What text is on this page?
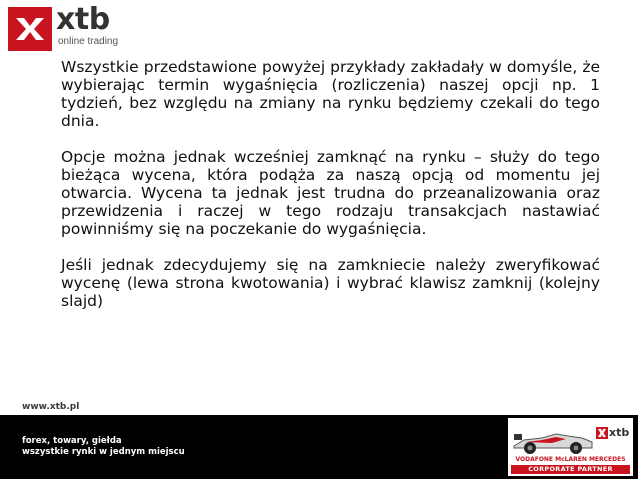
xtb
online trading

Wszystkie przedstawione powyżej przykłady zakładały w domyśle, że wybierając termin wygaśnięcia (rozliczenia) naszej opcji np. 1 tydzień, bez względu na zmiany na rynku będziemy czekali do tego dnia.

Opcje można jednak wcześniej zamknąć na rynku – służy do tego bieżąca wycena, która podąża za naszą opcją od momentu jej otwarcia. Wycena ta jednak jest trudna do przeanalizowania oraz przewidzenia i raczej w tego rodzaju transakcjach nastawiać powinniśmy się na poczekanie do wygaśnięcia.

Jeśli jednak zdecydujemy się na zamkniecie należy zweryfikować wycenę (lewa strona kwotowania) i wybrać klawisz zamknij (kolejny slajd)

www.xtb.pl
forex, towary, giełda
wszystkie rynki w jednym miejscu
xtb
VODAFONE McLAREN MERCEDES
CORPORATE PARTNER
